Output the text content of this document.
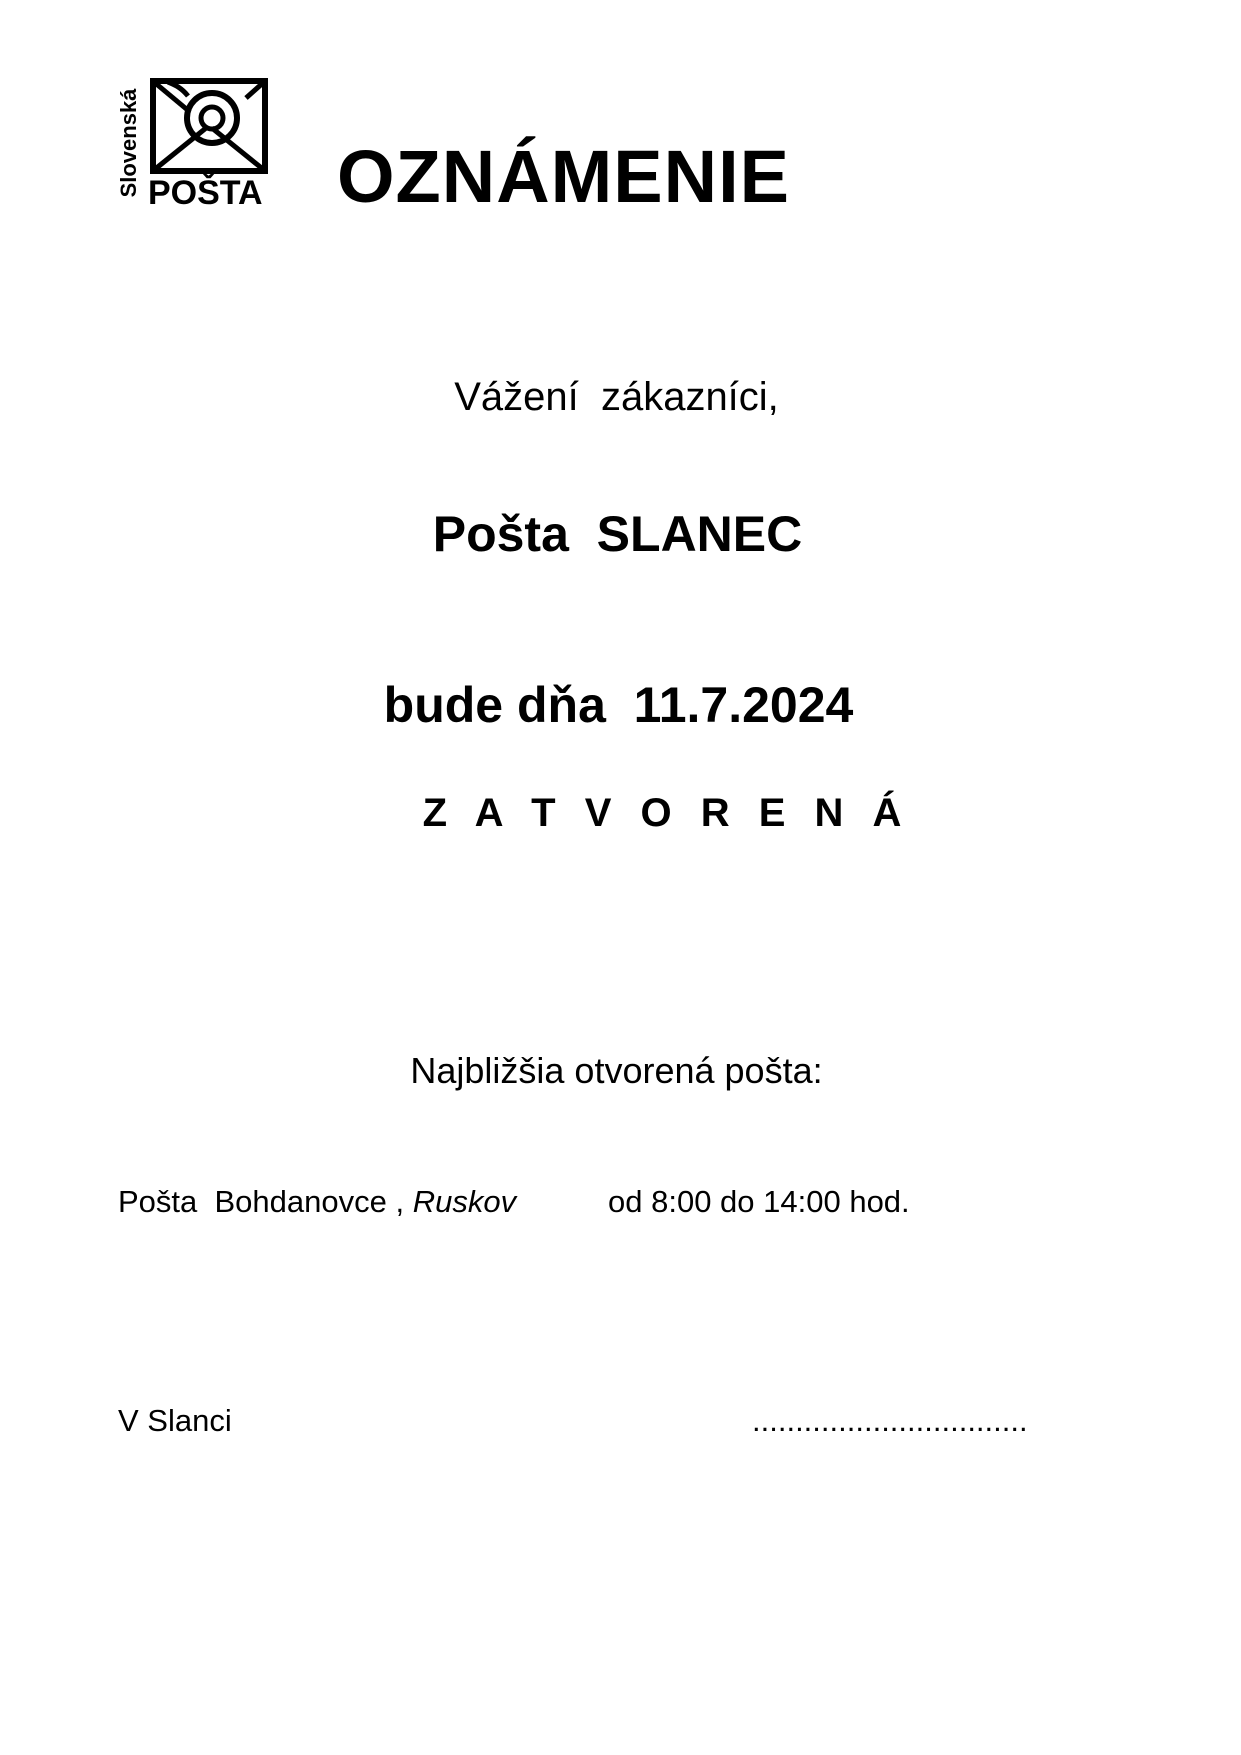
Slovenská POŠTA OZNÁMENIE
Vážení  zákazníci,
Pošta  SLANEC
bude dňa  11.7.2024
Z A T V O R E N Á
Najbližšia otvorená pošta:
Pošta  Bohdanovce , Ruskov	od 8:00 do 14:00 hod.
V Slanci	................................
